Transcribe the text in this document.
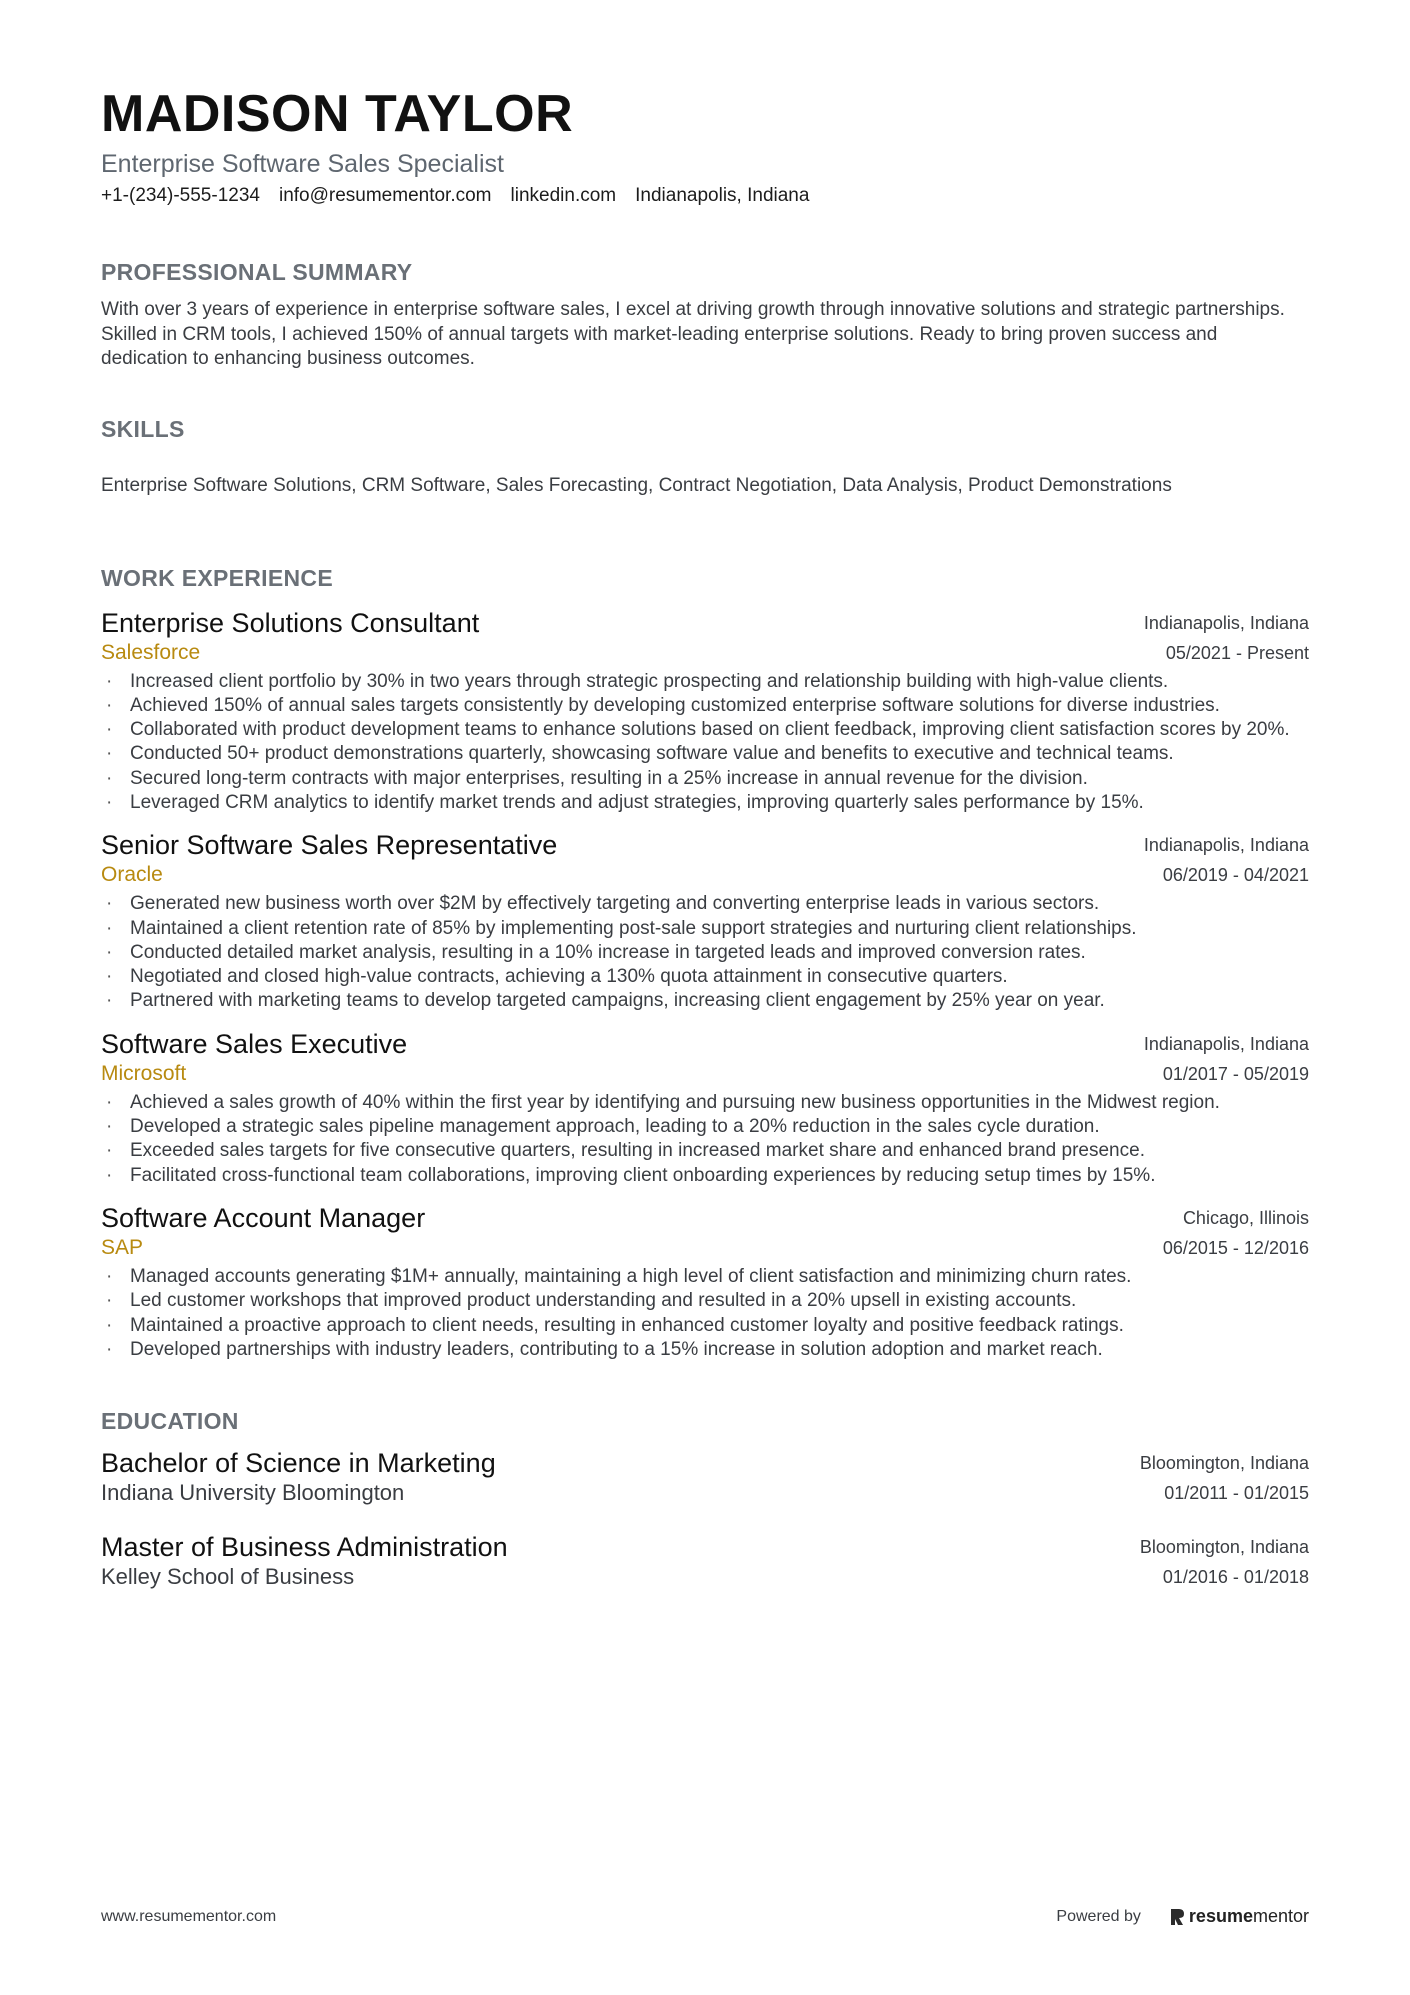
MADISON TAYLOR
Enterprise Software Sales Specialist
+1-(234)-555-1234 info@resumementor.com linkedin.com Indianapolis, Indiana
PROFESSIONAL SUMMARY
With over 3 years of experience in enterprise software sales, I excel at driving growth through innovative solutions and strategic partnerships. Skilled in CRM tools, I achieved 150% of annual targets with market-leading enterprise solutions. Ready to bring proven success and dedication to enhancing business outcomes.
SKILLS
Enterprise Software Solutions, CRM Software, Sales Forecasting, Contract Negotiation, Data Analysis, Product Demonstrations
WORK EXPERIENCE
Enterprise Solutions Consultant
Salesforce
Indianapolis, Indiana
05/2021 - Present
· Increased client portfolio by 30% in two years through strategic prospecting and relationship building with high-value clients.
· Achieved 150% of annual sales targets consistently by developing customized enterprise software solutions for diverse industries.
· Collaborated with product development teams to enhance solutions based on client feedback, improving client satisfaction scores by 20%.
· Conducted 50+ product demonstrations quarterly, showcasing software value and benefits to executive and technical teams.
· Secured long-term contracts with major enterprises, resulting in a 25% increase in annual revenue for the division.
· Leveraged CRM analytics to identify market trends and adjust strategies, improving quarterly sales performance by 15%.
Senior Software Sales Representative
Oracle
Indianapolis, Indiana
06/2019 - 04/2021
· Generated new business worth over $2M by effectively targeting and converting enterprise leads in various sectors.
· Maintained a client retention rate of 85% by implementing post-sale support strategies and nurturing client relationships.
· Conducted detailed market analysis, resulting in a 10% increase in targeted leads and improved conversion rates.
· Negotiated and closed high-value contracts, achieving a 130% quota attainment in consecutive quarters.
· Partnered with marketing teams to develop targeted campaigns, increasing client engagement by 25% year on year.
Software Sales Executive
Microsoft
Indianapolis, Indiana
01/2017 - 05/2019
· Achieved a sales growth of 40% within the first year by identifying and pursuing new business opportunities in the Midwest region.
· Developed a strategic sales pipeline management approach, leading to a 20% reduction in the sales cycle duration.
· Exceeded sales targets for five consecutive quarters, resulting in increased market share and enhanced brand presence.
· Facilitated cross-functional team collaborations, improving client onboarding experiences by reducing setup times by 15%.
Software Account Manager
SAP
Chicago, Illinois
06/2015 - 12/2016
· Managed accounts generating $1M+ annually, maintaining a high level of client satisfaction and minimizing churn rates.
· Led customer workshops that improved product understanding and resulted in a 20% upsell in existing accounts.
· Maintained a proactive approach to client needs, resulting in enhanced customer loyalty and positive feedback ratings.
· Developed partnerships with industry leaders, contributing to a 15% increase in solution adoption and market reach.
EDUCATION
Bachelor of Science in Marketing
Indiana University Bloomington
Bloomington, Indiana
01/2011 - 01/2015
Master of Business Administration
Kelley School of Business
Bloomington, Indiana
01/2016 - 01/2018
www.resumementor.com	Powered by	resumementor
